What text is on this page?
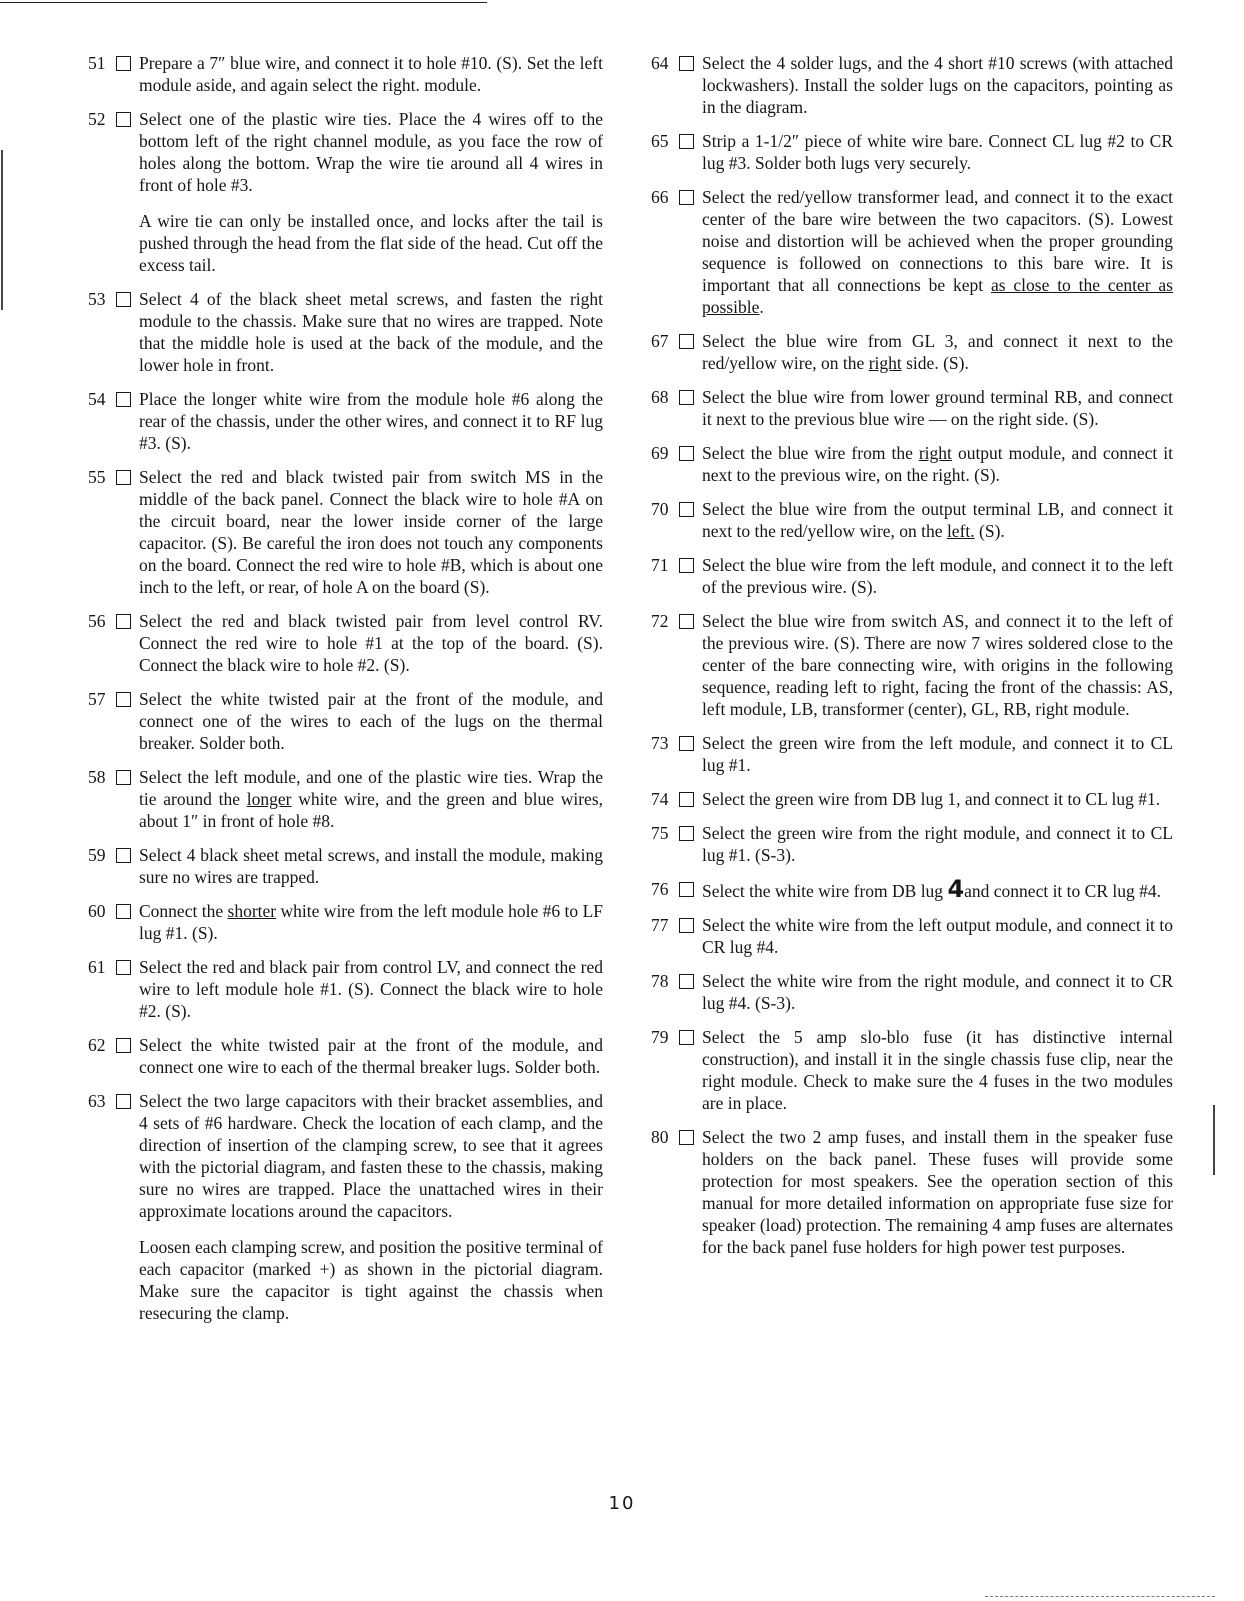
51	Prepare a 7″ blue wire, and connect it to hole #10. (S). Set the left module aside, and again select the right. module.

52	Select one of the plastic wire ties. Place the 4 wires off to the bottom left of the right channel module, as you face the row of holes along the bottom. Wrap the wire tie around all 4 wires in front of hole #3.

A wire tie can only be installed once, and locks after the tail is pushed through the head from the flat side of the head. Cut off the excess tail.

53	Select 4 of the black sheet metal screws, and fasten the right module to the chassis. Make sure that no wires are trapped. Note that the middle hole is used at the back of the module, and the lower hole in front.

54	Place the longer white wire from the module hole #6 along the rear of the chassis, under the other wires, and connect it to RF lug #3. (S).

55	Select the red and black twisted pair from switch MS in the middle of the back panel. Connect the black wire to hole #A on the circuit board, near the lower inside corner of the large capacitor. (S). Be careful the iron does not touch any components on the board. Connect the red wire to hole #B, which is about one inch to the left, or rear, of hole A on the board (S).

56	Select the red and black twisted pair from level control RV. Connect the red wire to hole #1 at the top of the board. (S). Connect the black wire to hole #2. (S).

57	Select the white twisted pair at the front of the module, and connect one of the wires to each of the lugs on the thermal breaker. Solder both.

58	Select the left module, and one of the plastic wire ties. Wrap the tie around the longer white wire, and the green and blue wires, about 1″ in front of hole #8.

59	Select 4 black sheet metal screws, and install the module, making sure no wires are trapped.

60	Connect the shorter white wire from the left module hole #6 to LF lug #1. (S).

61	Select the red and black pair from control LV, and connect the red wire to left module hole #1. (S). Connect the black wire to hole #2. (S).

62	Select the white twisted pair at the front of the module, and connect one wire to each of the thermal breaker lugs. Solder both.

63	Select the two large capacitors with their bracket assemblies, and 4 sets of #6 hardware. Check the location of each clamp, and the direction of insertion of the clamping screw, to see that it agrees with the pictorial diagram, and fasten these to the chassis, making sure no wires are trapped. Place the unattached wires in their approximate locations around the capacitors.

Loosen each clamping screw, and position the positive terminal of each capacitor (marked +) as shown in the pictorial diagram. Make sure the capacitor is tight against the chassis when resecuring the clamp.

64	Select the 4 solder lugs, and the 4 short #10 screws (with attached lockwashers). Install the solder lugs on the capacitors, pointing as in the diagram.

65	Strip a 1-1/2″ piece of white wire bare. Connect CL lug #2 to CR lug #3. Solder both lugs very securely.

66	Select the red/yellow transformer lead, and connect it to the exact center of the bare wire between the two capacitors. (S). Lowest noise and distortion will be achieved when the proper grounding sequence is followed on connections to this bare wire. It is important that all connections be kept as close to the center as possible.

67	Select the blue wire from GL 3, and connect it next to the red/yellow wire, on the right side. (S).

68	Select the blue wire from lower ground terminal RB, and connect it next to the previous blue wire — on the right side. (S).

69	Select the blue wire from the right output module, and connect it next to the previous wire, on the right. (S).

70	Select the blue wire from the output terminal LB, and connect it next to the red/yellow wire, on the left. (S).

71	Select the blue wire from the left module, and connect it to the left of the previous wire. (S).

72	Select the blue wire from switch AS, and connect it to the left of the previous wire. (S). There are now 7 wires soldered close to the center of the bare connecting wire, with origins in the following sequence, reading left to right, facing the front of the chassis: AS, left module, LB, transformer (center), GL, RB, right module.

73	Select the green wire from the left module, and connect it to CL lug #1.

74	Select the green wire from DB lug 1, and connect it to CL lug #1.

75	Select the green wire from the right module, and connect it to CL lug #1. (S-3).

76	Select the white wire from DB lug 4and connect it to CR lug #4.

77	Select the white wire from the left output module, and connect it to CR lug #4.

78	Select the white wire from the right module, and connect it to CR lug #4. (S-3).

79	Select the 5 amp slo-blo fuse (it has distinctive internal construction), and install it in the single chassis fuse clip, near the right module. Check to make sure the 4 fuses in the two modules are in place.

80	Select the two 2 amp fuses, and install them in the speaker fuse holders on the back panel. These fuses will provide some protection for most speakers. See the operation section of this manual for more detailed information on appropriate fuse size for speaker (load) protection. The remaining 4 amp fuses are alternates for the back panel fuse holders for high power test purposes.

10
